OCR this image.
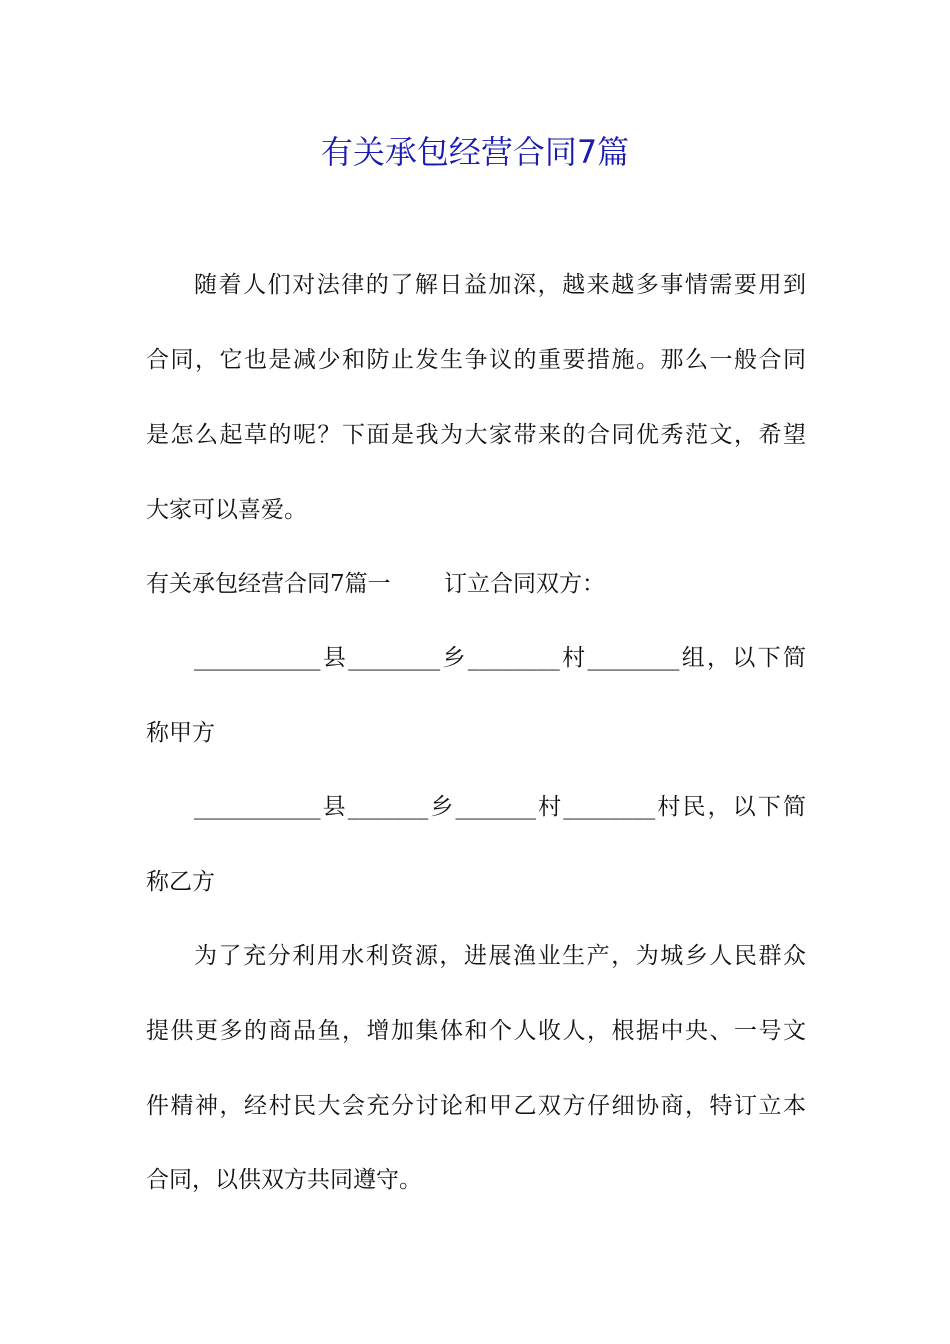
有关承包经营合同7篇
随着人们对法律的了解日益加深，越来越多事情需要用到
合同，它也是减少和防止发生争议的重要措施。那么一般合同
是怎么起草的呢？下面是我为大家带来的合同优秀范文，希望
大家可以喜爱。
有关承包经营合同7篇一　　 订立合同双方：
___________县________乡________村________组，以下简
称甲方
___________县_______乡_______村________村民，以下简
称乙方
为了充分利用水利资源，进展渔业生产，为城乡人民群众
提供更多的商品鱼，增加集体和个人收人，根据中央、一号文
件精神，经村民大会充分讨论和甲乙双方仔细协商，特订立本
合同，以供双方共同遵守。
